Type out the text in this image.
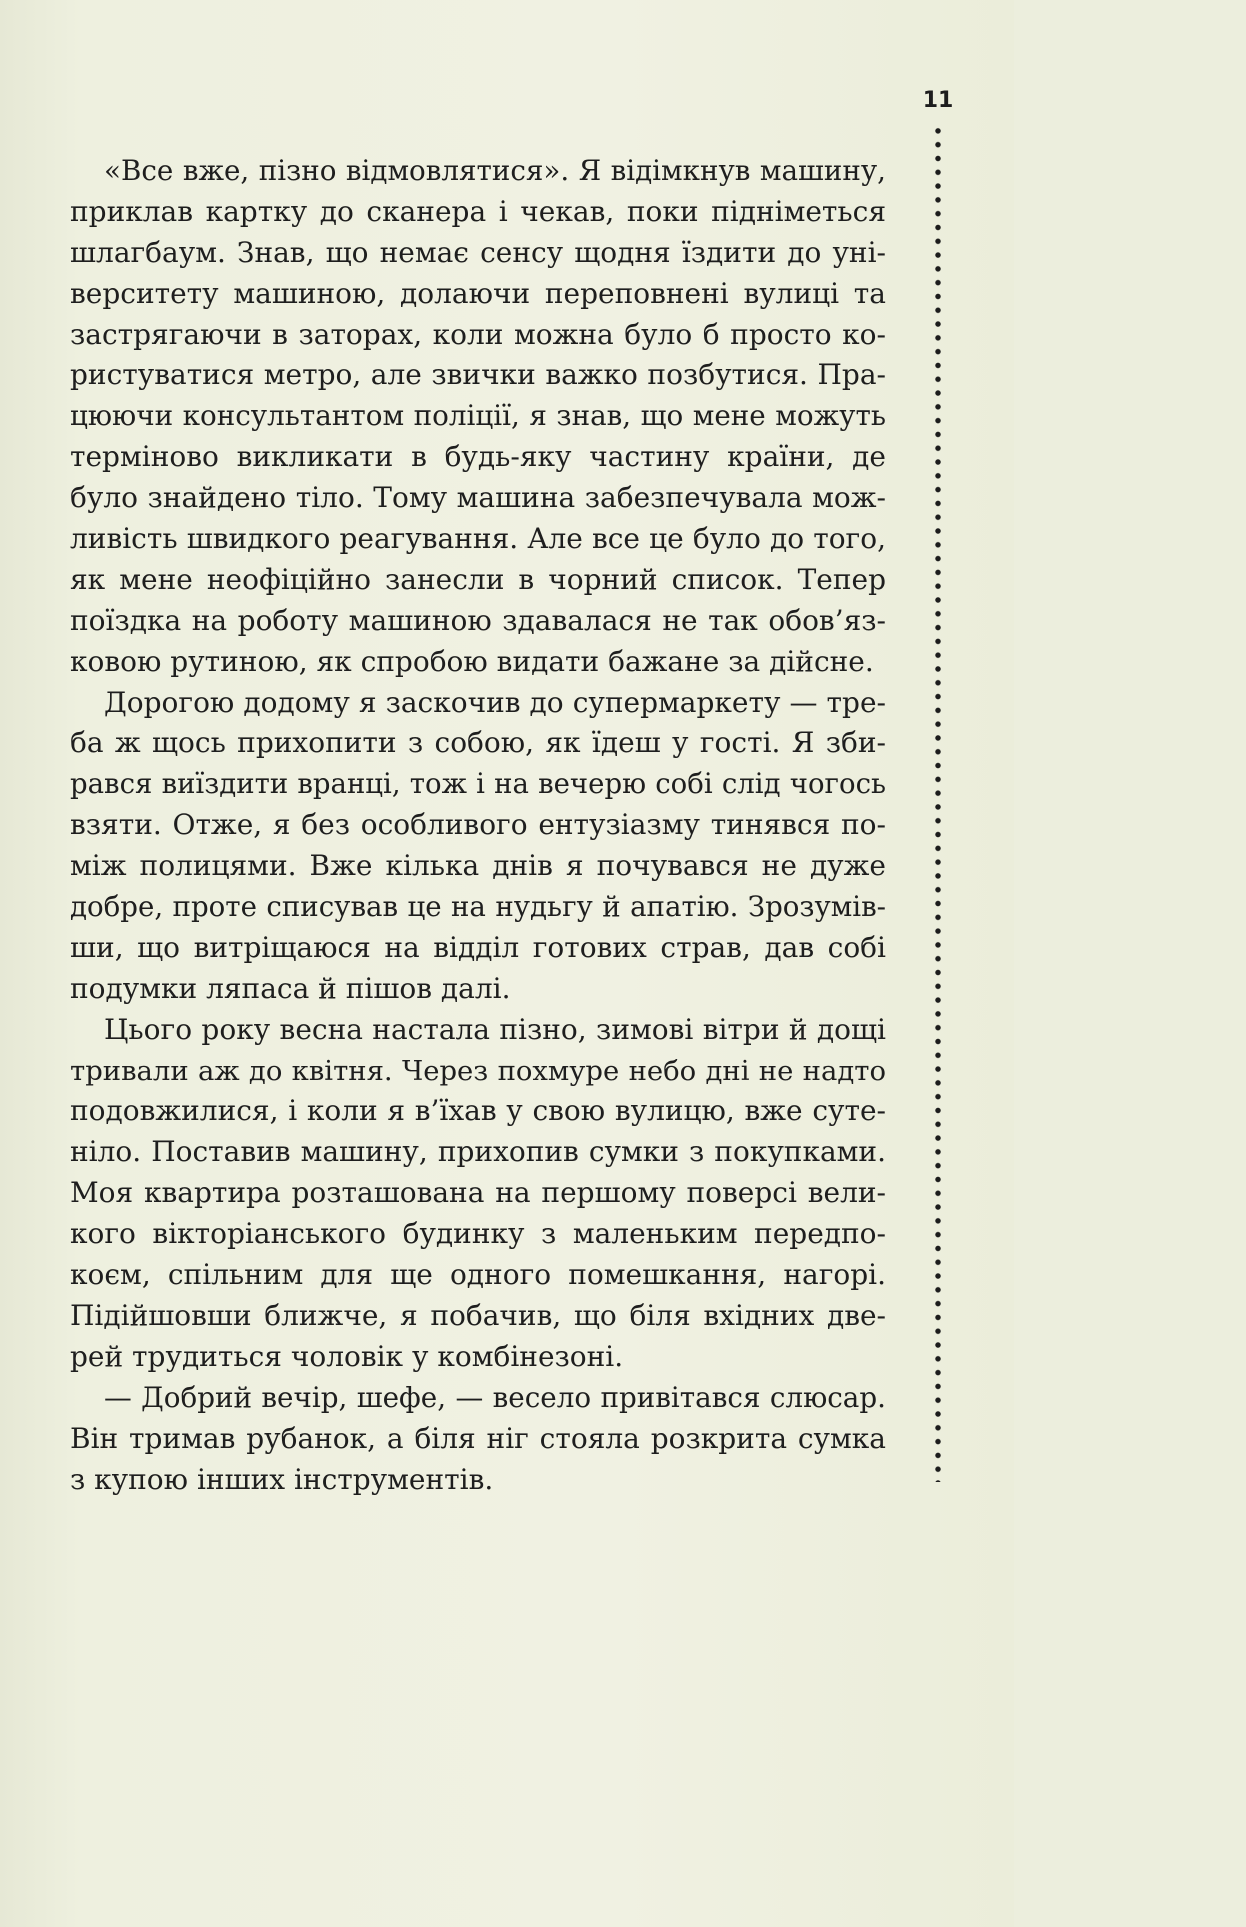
11
«Все вже, пізно відмовлятися». Я відімкнув машину,
приклав картку до сканера і чекав, поки підніметься
шлагбаум. Знав, що немає сенсу щодня їздити до уні-
верситету машиною, долаючи переповнені вулиці та
застрягаючи в заторах, коли можна було б просто ко-
ристуватися метро, але звички важко позбутися. Пра-
цюючи консультантом поліції, я знав, що мене можуть
терміново викликати в будь-яку частину країни, де
було знайдено тіло. Тому машина забезпечувала мож-
ливість швидкого реагування. Але все це було до того,
як мене неофіційно занесли в чорний список. Тепер
поїздка на роботу машиною здавалася не так обов’яз-
ковою рутиною, як спробою видати бажане за дійсне.
Дорогою додому я заскочив до супермаркету — тре-
ба ж щось прихопити з собою, як їдеш у гості. Я зби-
рався виїздити вранці, тож і на вечерю собі слід чогось
взяти. Отже, я без особливого ентузіазму тинявся по-
між полицями. Вже кілька днів я почувався не дуже
добре, проте списував це на нудьгу й апатію. Зрозумів-
ши, що витріщаюся на відділ готових страв, дав собі
подумки ляпаса й пішов далі.
Цього року весна настала пізно, зимові вітри й дощі
тривали аж до квітня. Через похмуре небо дні не надто
подовжилися, і коли я в’їхав у свою вулицю, вже суте-
ніло. Поставив машину, прихопив сумки з покупками.
Моя квартира розташована на першому поверсі вели-
кого вікторіанського будинку з маленьким передпо-
коєм, спільним для ще одного помешкання, нагорі.
Підійшовши ближче, я побачив, що біля вхідних две-
рей трудиться чоловік у комбінезоні.
— Добрий вечір, шефе, — весело привітався слюсар.
Він тримав рубанок, а біля ніг стояла розкрита сумка
з купою інших інструментів.
